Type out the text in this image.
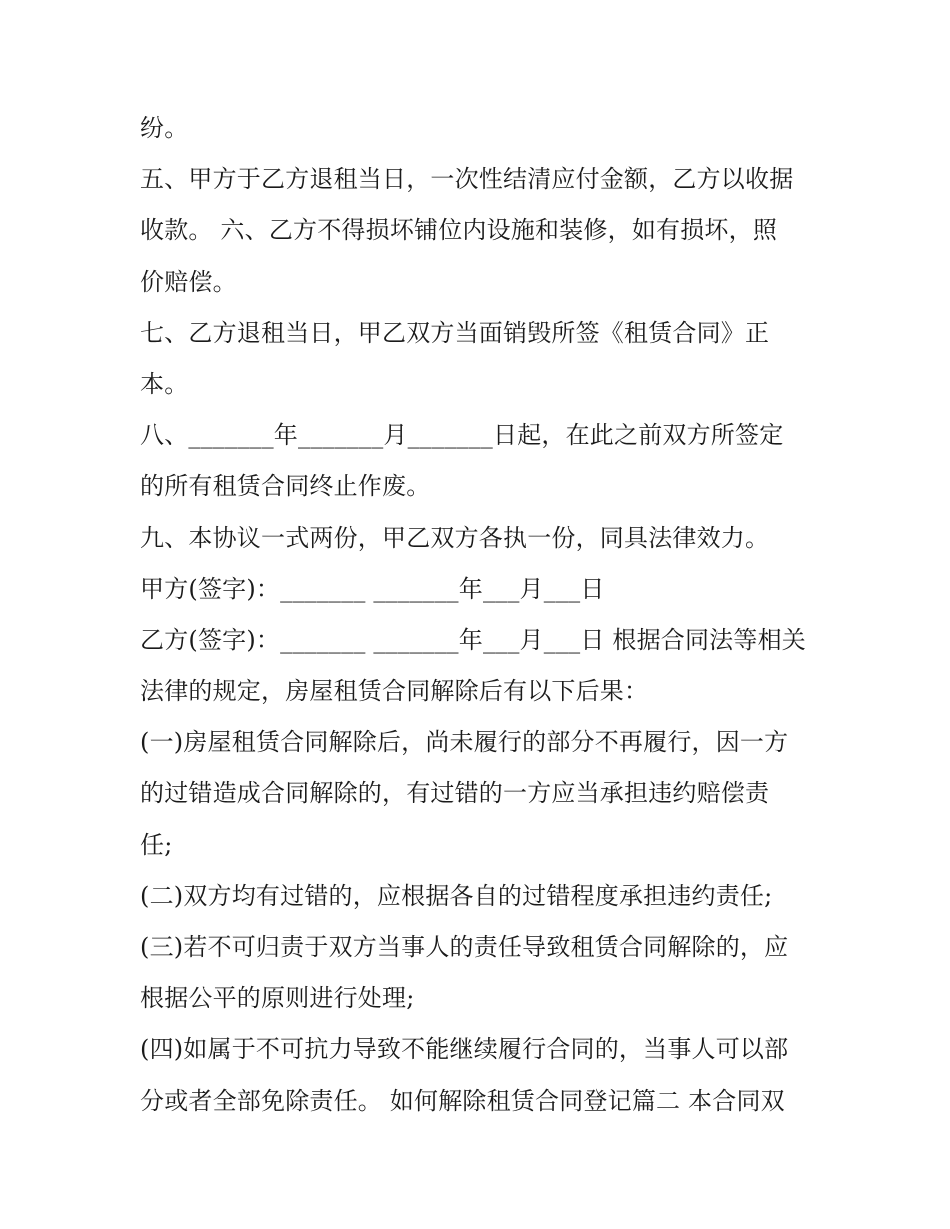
纷。
五、甲方于乙方退租当日，一次性结清应付金额，乙方以收据
收款。 六、乙方不得损坏铺位内设施和装修，如有损坏，照
价赔偿。
七、乙方退租当日，甲乙双方当面销毁所签《租赁合同》正
本。
八、_______年_______月_______日起，在此之前双方所签定
的所有租赁合同终止作废。
九、本协议一式两份，甲乙双方各执一份，同具法律效力。
甲方(签字)：_______ _______年___月___日
乙方(签字)：_______ _______年___月___日 根据合同法等相关
法律的规定，房屋租赁合同解除后有以下后果：
(一)房屋租赁合同解除后，尚未履行的部分不再履行，因一方
的过错造成合同解除的，有过错的一方应当承担违约赔偿责
任;
(二)双方均有过错的，应根据各自的过错程度承担违约责任;
(三)若不可归责于双方当事人的责任导致租赁合同解除的，应
根据公平的原则进行处理;
(四)如属于不可抗力导致不能继续履行合同的，当事人可以部
分或者全部免除责任。 如何解除租赁合同登记篇二 本合同双
